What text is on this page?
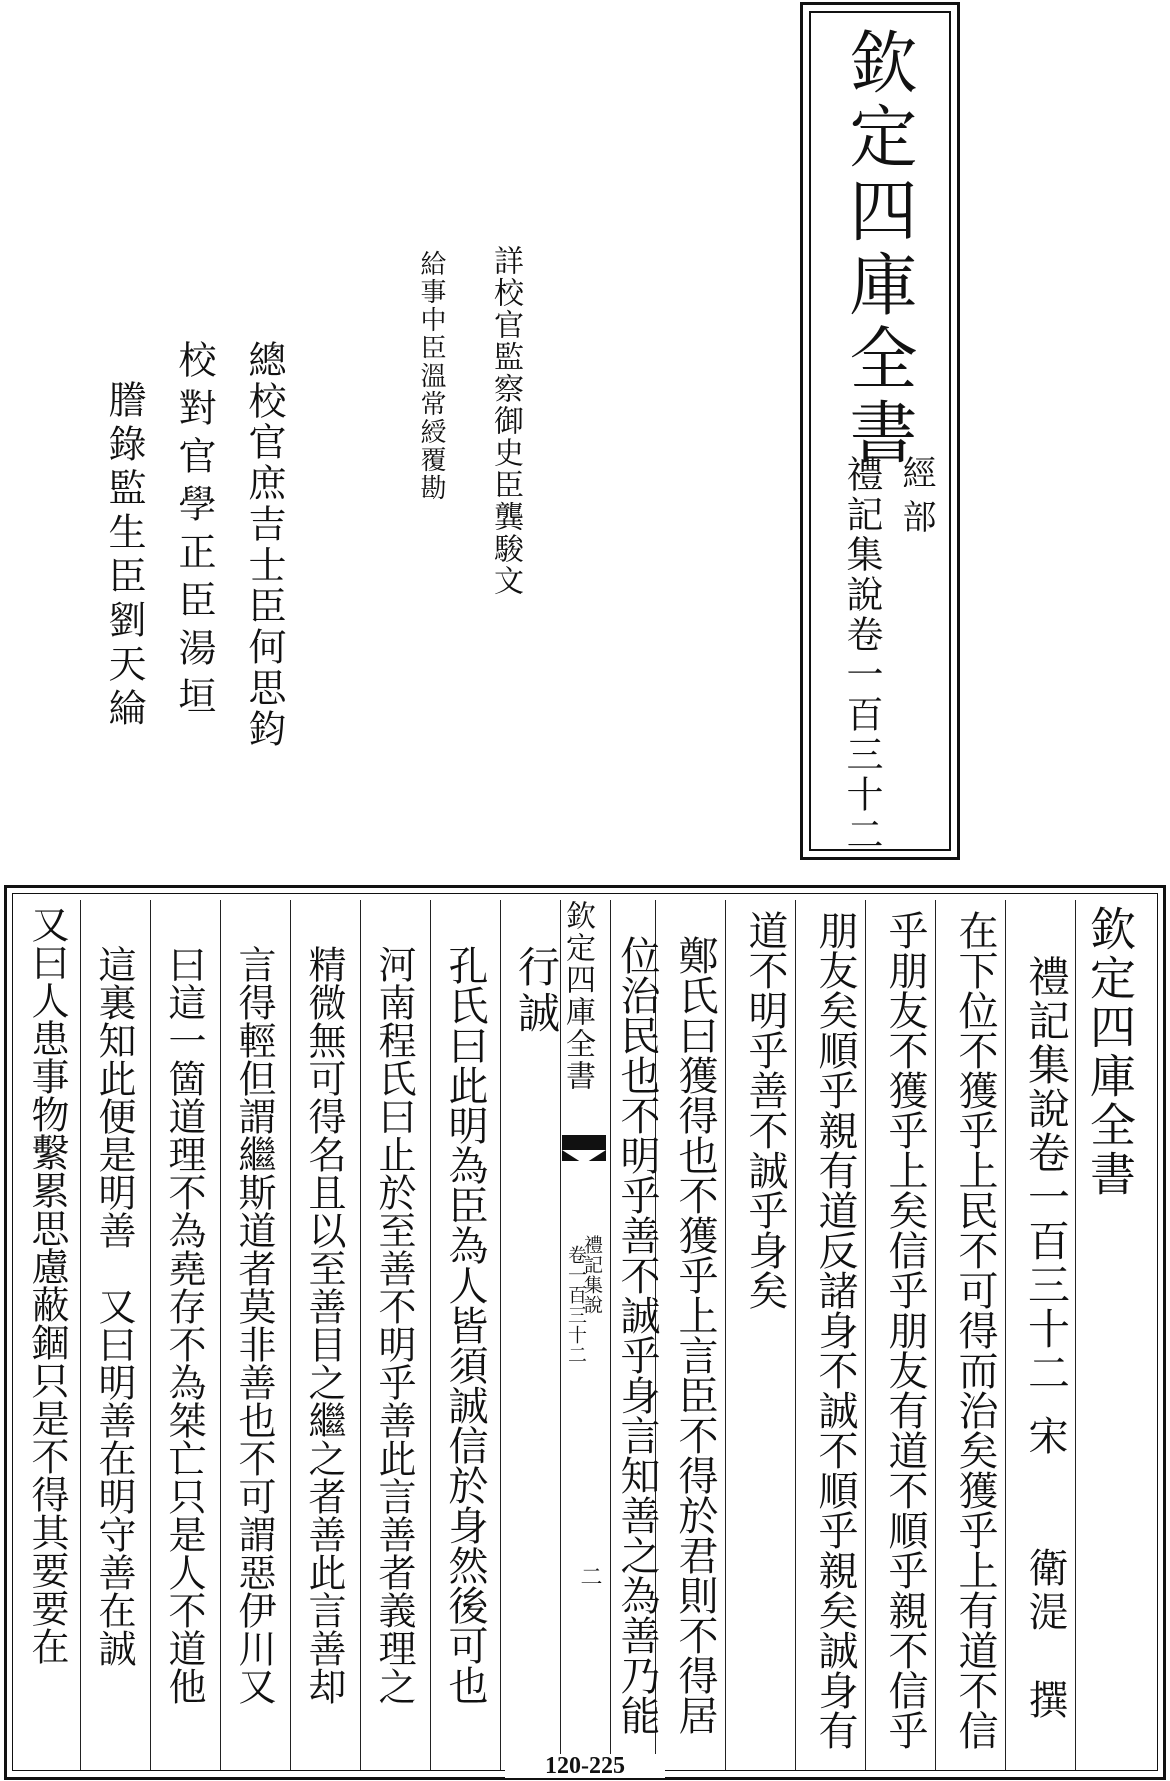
欽定四庫全書
經部
禮記集說卷一百三十二
詳校官監察御史臣龔駿文
給事中臣溫常綬覆勘
總校官庶吉士臣何思鈞
校對官學正臣湯垣
謄錄監生臣劉天綸
欽定四庫全書
禮記集說卷一百三十二
宋　　衛湜　撰
在下位不獲乎上民不可得而治矣獲乎上有道不信
乎朋友不獲乎上矣信乎朋友有道不順乎親不信乎
朋友矣順乎親有道反諸身不誠不順乎親矣誠身有
道不明乎善不誠乎身矣
鄭氏曰獲得也不獲乎上言臣不得於君則不得居
位治民也不明乎善不誠乎身言知善之為善乃能
欽定四庫全書
禮記集說
卷一百三十二
二
行誠
孔氏曰此明為臣為人皆須誠信於身然後可也
河南程氏曰止於至善不明乎善此言善者義理之
精微無可得名且以至善目之繼之者善此言善却
言得輕但謂繼斯道者莫非善也不可謂惡伊川又
曰這一箇道理不為堯存不為桀亡只是人不道他
這裏知此便是明善　又曰明善在明守善在誠
又曰人患事物繫累思慮蔽錮只是不得其要要在
120-225
